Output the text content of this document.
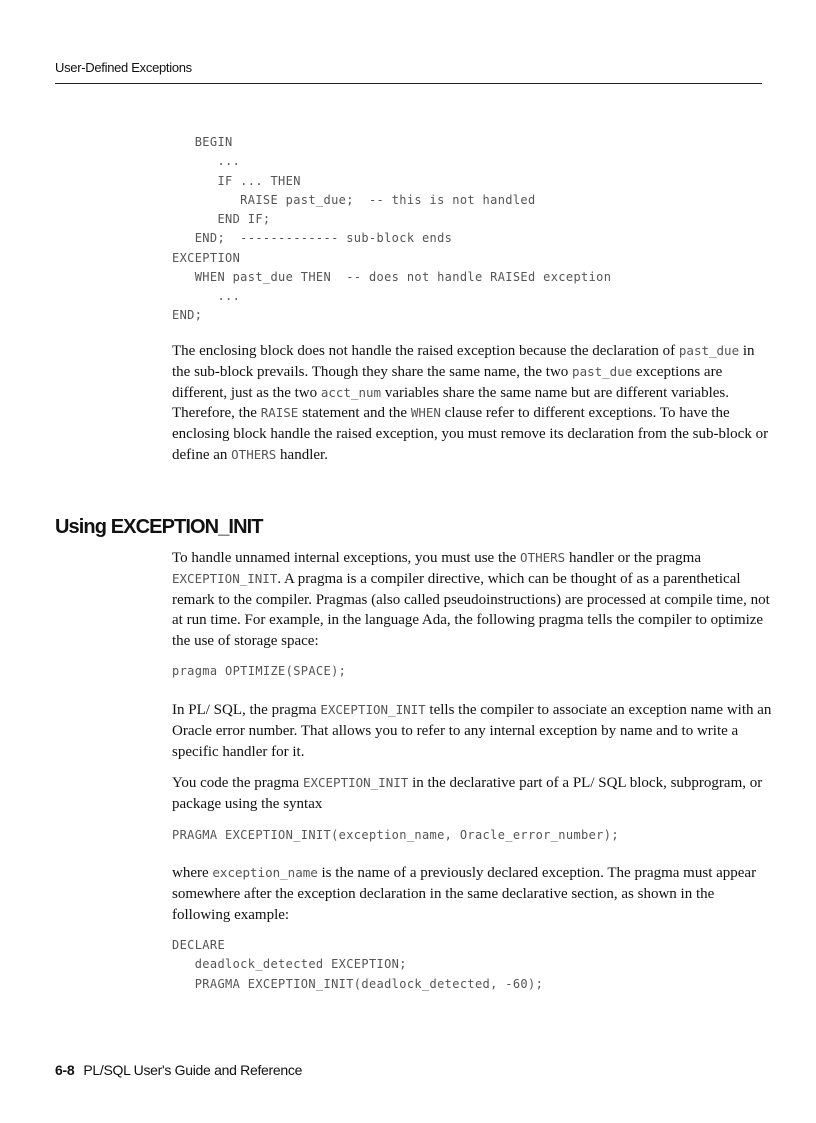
User-Defined Exceptions
BEGIN
...
IF ... THEN
RAISE past_due;  -- this is not handled
END IF;
END;  ------------- sub-block ends
EXCEPTION
WHEN past_due THEN  -- does not handle RAISEd exception
...
END;

The enclosing block does not handle the raised exception because the declaration of past_due in the sub-block prevails. Though they share the same name, the two past_due exceptions are different, just as the two acct_num variables share the same name but are different variables. Therefore, the RAISE statement and the WHEN clause refer to different exceptions. To have the enclosing block handle the raised exception, you must remove its declaration from the sub-block or define an OTHERS handler.

Using EXCEPTION_INIT

To handle unnamed internal exceptions, you must use the OTHERS handler or the pragma EXCEPTION_INIT. A pragma is a compiler directive, which can be thought of as a parenthetical remark to the compiler. Pragmas (also called pseudoinstructions) are processed at compile time, not at run time. For example, in the language Ada, the following pragma tells the compiler to optimize the use of storage space:

pragma OPTIMIZE(SPACE);

In PL/ SQL, the pragma EXCEPTION_INIT tells the compiler to associate an exception name with an Oracle error number. That allows you to refer to any internal exception by name and to write a specific handler for it.

You code the pragma EXCEPTION_INIT in the declarative part of a PL/ SQL block, subprogram, or package using the syntax

PRAGMA EXCEPTION_INIT(exception_name, Oracle_error_number);

where exception_name is the name of a previously declared exception. The pragma must appear somewhere after the exception declaration in the same declarative section, as shown in the following example:

DECLARE
deadlock_detected EXCEPTION;
PRAGMA EXCEPTION_INIT(deadlock_detected, -60);
6-8 PL/SQL User's Guide and Reference
